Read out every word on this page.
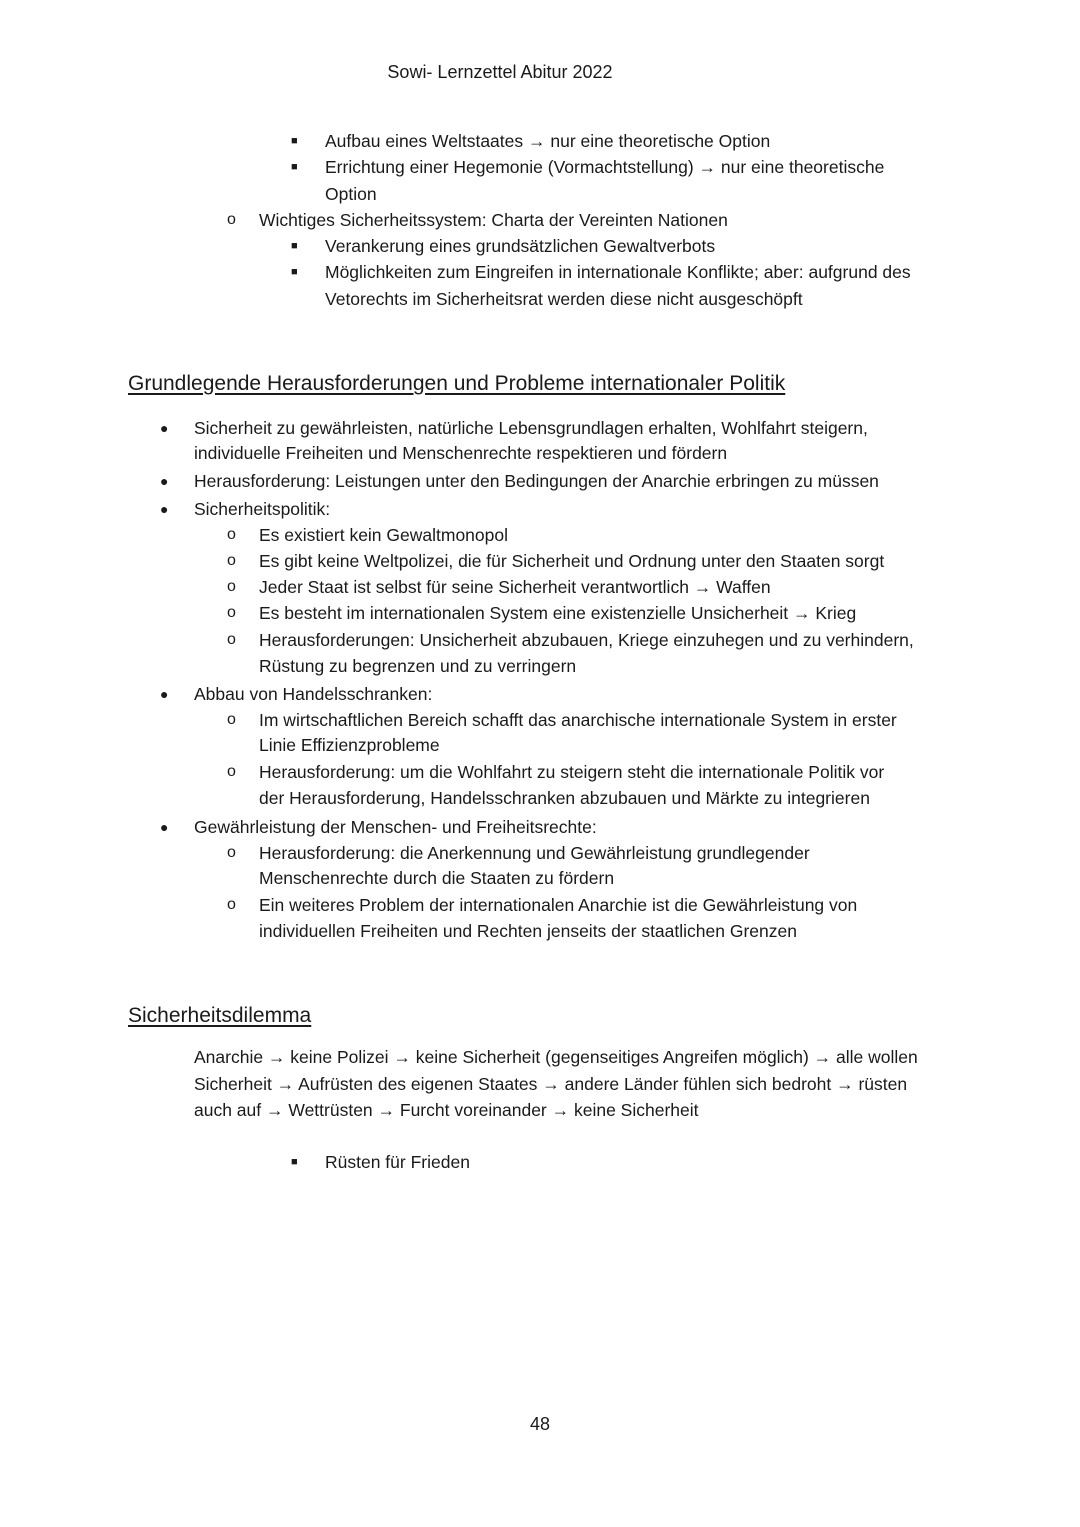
Sowi- Lernzettel Abitur 2022
■ Aufbau eines Weltstaates → nur eine theoretische Option
■ Errichtung einer Hegemonie (Vormachtstellung) → nur eine theoretische
Option
o Wichtiges Sicherheitssystem: Charta der Vereinten Nationen
■ Verankerung eines grundsätzlichen Gewaltverbots
■ Möglichkeiten zum Eingreifen in internationale Konflikte; aber: aufgrund des
Vetorechts im Sicherheitsrat werden diese nicht ausgeschöpft
Grundlegende Herausforderungen und Probleme internationaler Politik
● Sicherheit zu gewährleisten, natürliche Lebensgrundlagen erhalten, Wohlfahrt steigern,
individuelle Freiheiten und Menschenrechte respektieren und fördern
● Herausforderung: Leistungen unter den Bedingungen der Anarchie erbringen zu müssen
● Sicherheitspolitik:
o Es existiert kein Gewaltmonopol
o Es gibt keine Weltpolizei, die für Sicherheit und Ordnung unter den Staaten sorgt
o Jeder Staat ist selbst für seine Sicherheit verantwortlich → Waffen
o Es besteht im internationalen System eine existenzielle Unsicherheit → Krieg
o Herausforderungen: Unsicherheit abzubauen, Kriege einzuhegen und zu verhindern,
Rüstung zu begrenzen und zu verringern
● Abbau von Handelsschranken:
o Im wirtschaftlichen Bereich schafft das anarchische internationale System in erster
Linie Effizienzprobleme
o Herausforderung: um die Wohlfahrt zu steigern steht die internationale Politik vor
der Herausforderung, Handelsschranken abzubauen und Märkte zu integrieren
● Gewährleistung der Menschen- und Freiheitsrechte:
o Herausforderung: die Anerkennung und Gewährleistung grundlegender
Menschenrechte durch die Staaten zu fördern
o Ein weiteres Problem der internationalen Anarchie ist die Gewährleistung von
individuellen Freiheiten und Rechten jenseits der staatlichen Grenzen
Sicherheitsdilemma
Anarchie → keine Polizei → keine Sicherheit (gegenseitiges Angreifen möglich) → alle wollen
Sicherheit → Aufrüsten des eigenen Staates → andere Länder fühlen sich bedroht → rüsten
auch auf → Wettrüsten → Furcht voreinander → keine Sicherheit
■ Rüsten für Frieden
48
